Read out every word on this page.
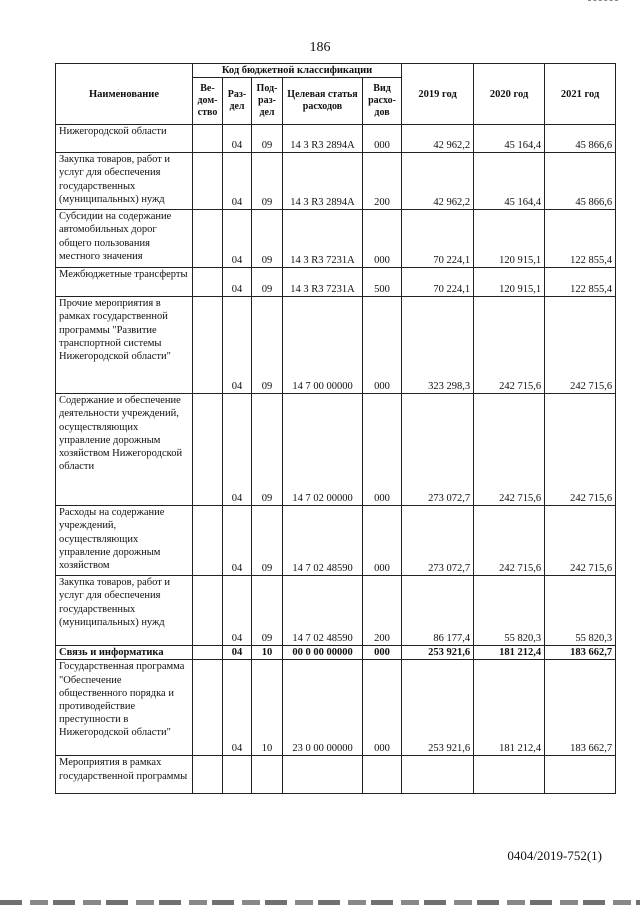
186
Наименование	Код бюджетной классификации					2019 год	2020 год	2021 год
	Ве- дом- ство	Раз- дел	Под- раз- дел	Целевая статья расходов	Вид расхо- дов			
Нижегородской области		04	09	14 3 R3 2894A	000	42 962,2	45 164,4	45 866,6
Закупка товаров, работ и услуг для обеспечения государственных (муниципальных) нужд		04	09	14 3 R3 2894A	200	42 962,2	45 164,4	45 866,6
Субсидии на содержание автомобильных дорог общего пользования местного значения		04	09	14 3 R3 7231A	000	70 224,1	120 915,1	122 855,4
Межбюджетные трансферты		04	09	14 3 R3 7231A	500	70 224,1	120 915,1	122 855,4
Прочие мероприятия в рамках государственной программы "Развитие транспортной системы Нижегородской области"		04	09	14 7 00 00000	000	323 298,3	242 715,6	242 715,6
Содержание и обеспечение деятельности учреждений, осуществляющих управление дорожным хозяйством Нижегородской области		04	09	14 7 02 00000	000	273 072,7	242 715,6	242 715,6
Расходы на содержание учреждений, осуществляющих управление дорожным хозяйством		04	09	14 7 02 48590	000	273 072,7	242 715,6	242 715,6
Закупка товаров, работ и услуг для обеспечения государственных (муниципальных) нужд		04	09	14 7 02 48590	200	86 177,4	55 820,3	55 820,3
Связь и информатика		04	10	00 0 00 00000	000	253 921,6	181 212,4	183 662,7
Государственная программа "Обеспечение общественного порядка и противодействие преступности в Нижегородской области"		04	10	23 0 00 00000	000	253 921,6	181 212,4	183 662,7
Мероприятия в рамках государственной программы								
0404/2019-752(1)
